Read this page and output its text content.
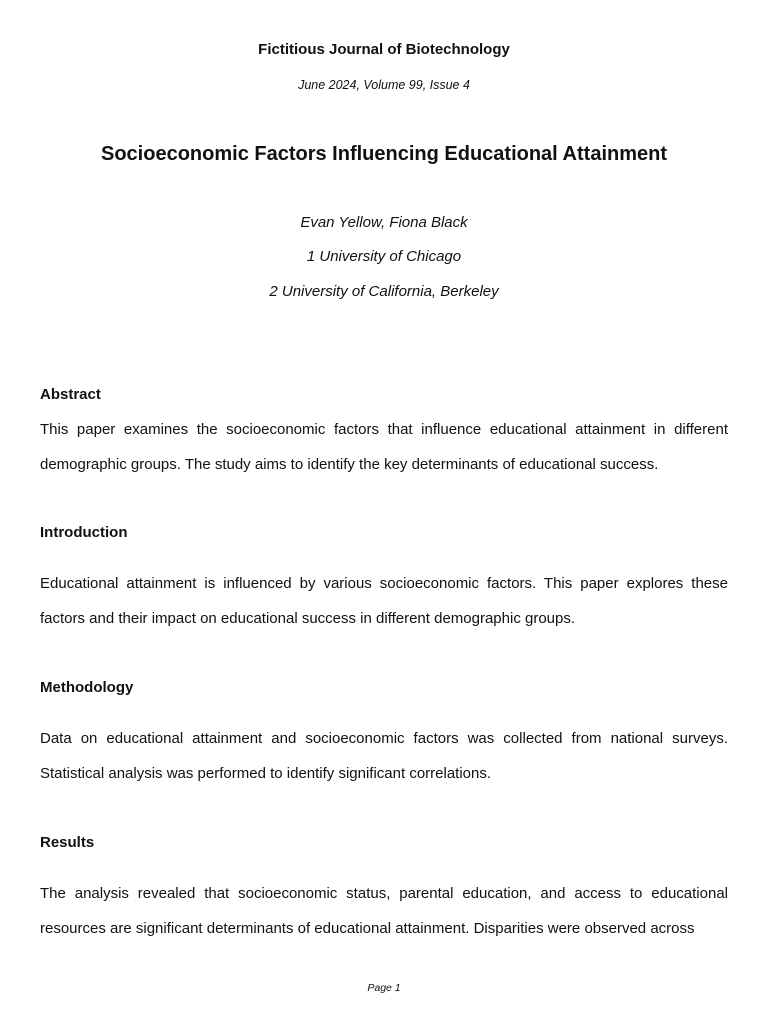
Fictitious Journal of Biotechnology
June 2024, Volume 99, Issue 4
Socioeconomic Factors Influencing Educational Attainment
Evan Yellow, Fiona Black
1 University of Chicago
2 University of California, Berkeley
Abstract
This paper examines the socioeconomic factors that influence educational attainment in different demographic groups. The study aims to identify the key determinants of educational success.
Introduction
Educational attainment is influenced by various socioeconomic factors. This paper explores these factors and their impact on educational success in different demographic groups.
Methodology
Data on educational attainment and socioeconomic factors was collected from national surveys. Statistical analysis was performed to identify significant correlations.
Results
The analysis revealed that socioeconomic status, parental education, and access to educational resources are significant determinants of educational attainment. Disparities were observed across
Page 1
